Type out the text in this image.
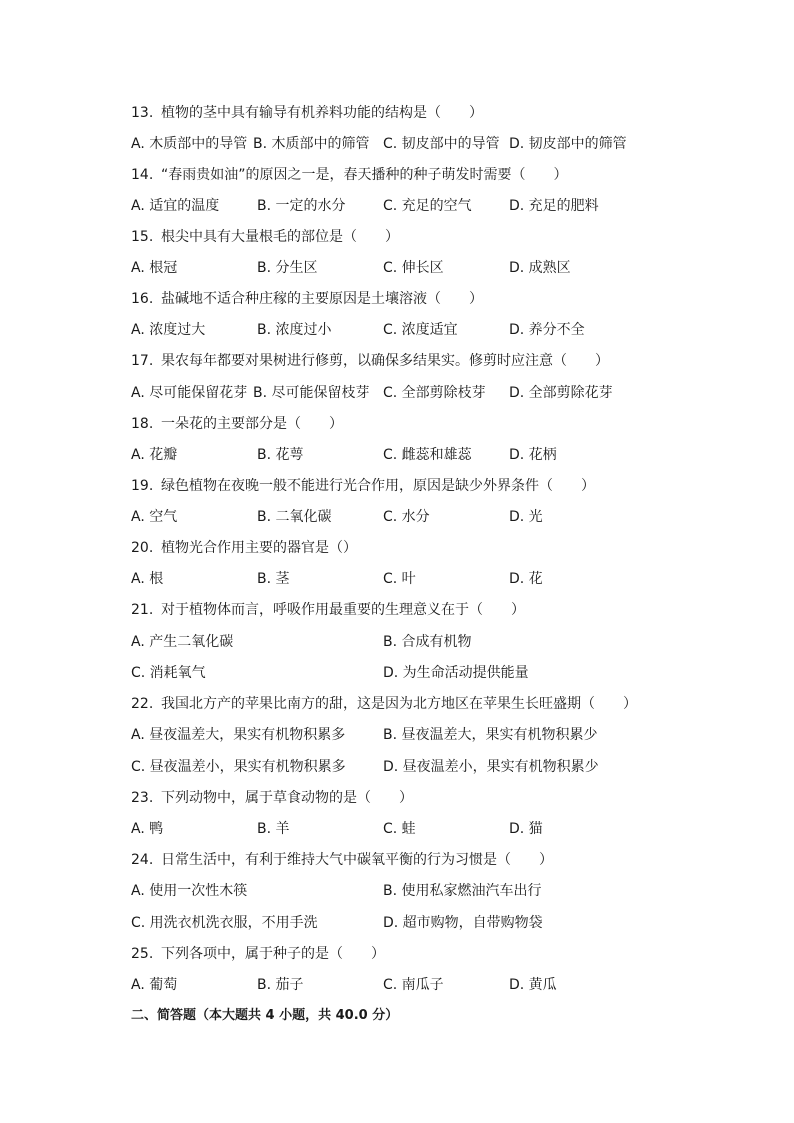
13. 植物的茎中具有输导有机养料功能的结构是（　　）
A. 木质部中的导管 B. 木质部中的筛管 C. 韧皮部中的导管 D. 韧皮部中的筛管
14. “春雨贵如油”的原因之一是，春天播种的种子萌发时需要（　　）
A. 适宜的温度	B. 一定的水分	C. 充足的空气	D. 充足的肥料
15. 根尖中具有大量根毛的部位是（　　）
A. 根冠	B. 分生区	C. 伸长区	D. 成熟区
16. 盐碱地不适合种庄稼的主要原因是土壤溶液（　　）
A. 浓度过大	B. 浓度过小	C. 浓度适宜	D. 养分不全
17. 果农每年都要对果树进行修剪，以确保多结果实。修剪时应注意（　　）
A. 尽可能保留花芽 B. 尽可能保留枝芽 C. 全部剪除枝芽 D. 全部剪除花芽
18. 一朵花的主要部分是（　　）
A. 花瓣	B. 花萼	C. 雌蕊和雄蕊	D. 花柄
19. 绿色植物在夜晚一般不能进行光合作用，原因是缺少外界条件（　　）
A. 空气	B. 二氧化碳	C. 水分	D. 光
20. 植物光合作用主要的器官是（）
A. 根	B. 茎	C. 叶	D. 花
21. 对于植物体而言，呼吸作用最重要的生理意义在于（　　）
A. 产生二氧化碳	B. 合成有机物
C. 消耗氧气	D. 为生命活动提供能量
22. 我国北方产的苹果比南方的甜，这是因为北方地区在苹果生长旺盛期（　　）
A. 昼夜温差大，果实有机物积累多	B. 昼夜温差大，果实有机物积累少
C. 昼夜温差小，果实有机物积累多	D. 昼夜温差小，果实有机物积累少
23. 下列动物中，属于草食动物的是（　　）
A. 鸭	B. 羊	C. 蛙	D. 猫
24. 日常生活中，有利于维持大气中碳氧平衡的行为习惯是（　　）
A. 使用一次性木筷	B. 使用私家燃油汽车出行
C. 用洗衣机洗衣服，不用手洗	D. 超市购物，自带购物袋
25. 下列各项中，属于种子的是（　　）
A. 葡萄	B. 茄子	C. 南瓜子	D. 黄瓜
二、简答题（本大题共 4 小题，共 40.0 分）
